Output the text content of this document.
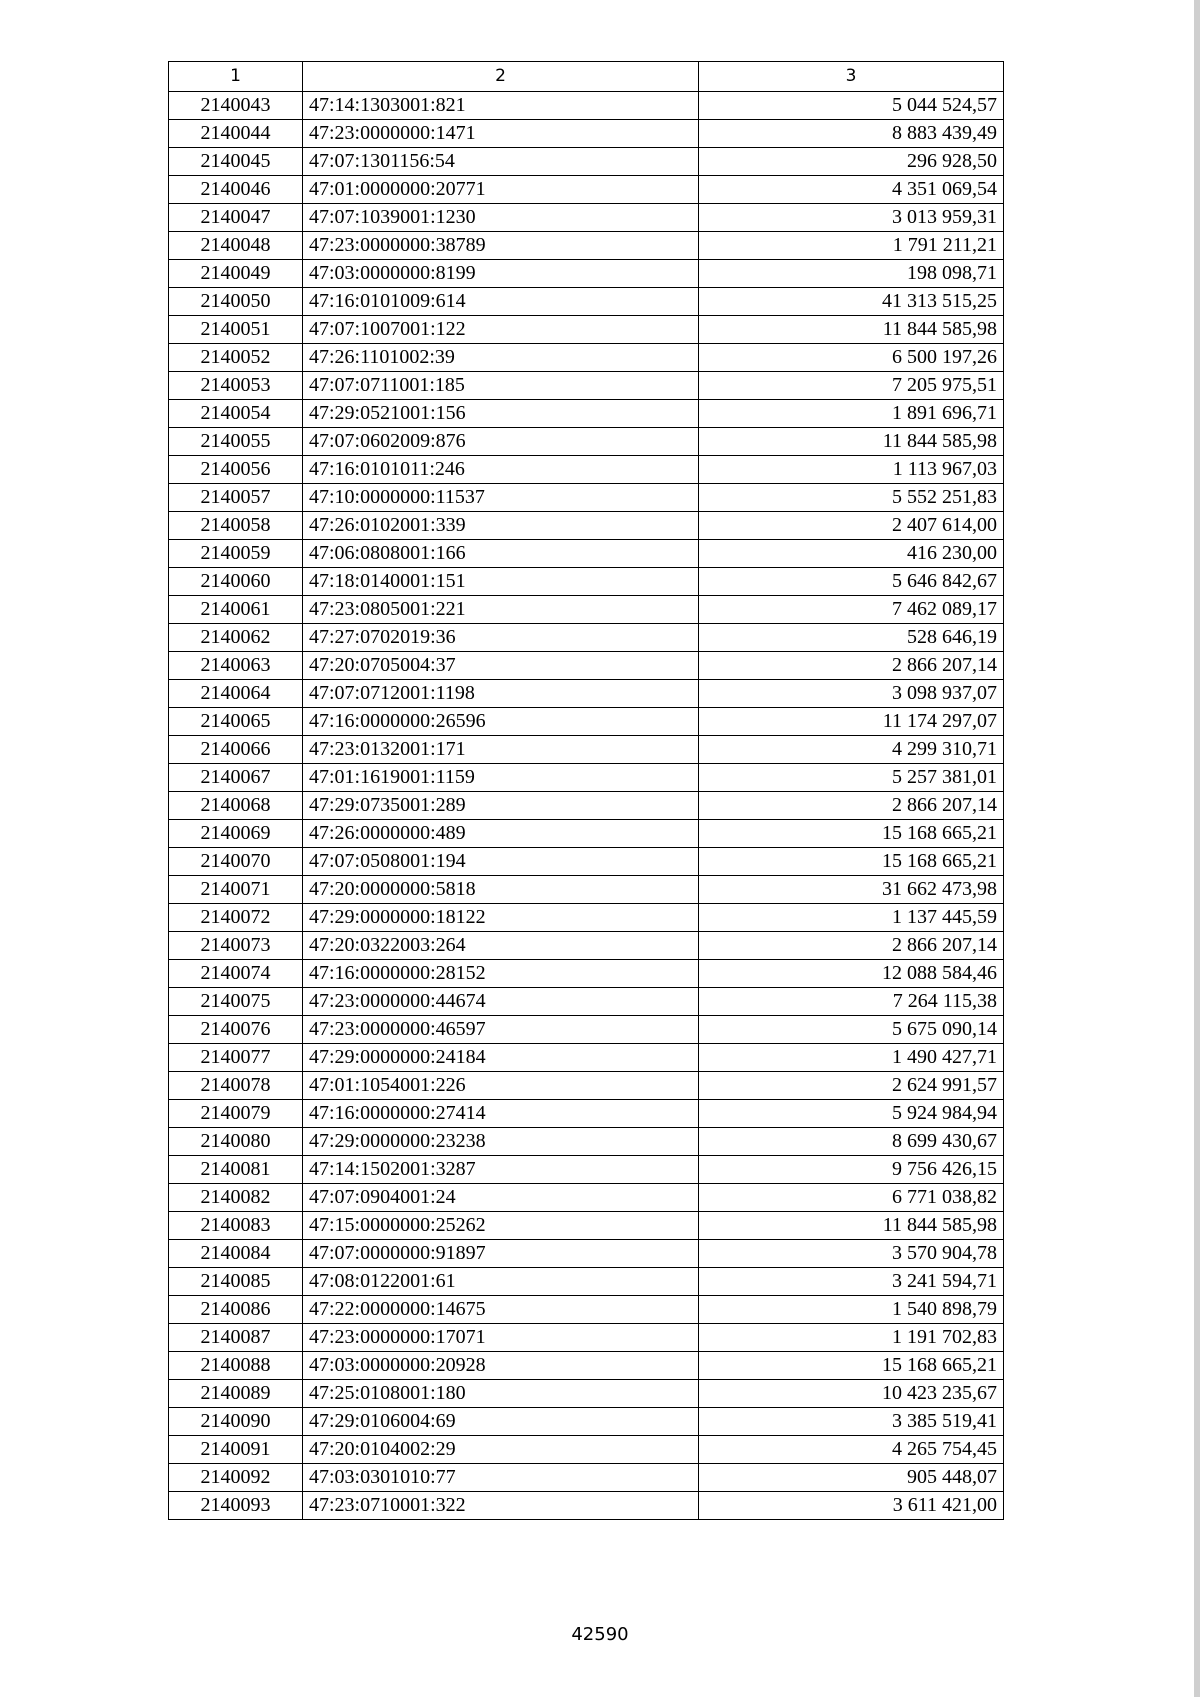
1	2	3
2140043	47:14:1303001:821	5 044 524,57
2140044	47:23:0000000:1471	8 883 439,49
2140045	47:07:1301156:54	296 928,50
2140046	47:01:0000000:20771	4 351 069,54
2140047	47:07:1039001:1230	3 013 959,31
2140048	47:23:0000000:38789	1 791 211,21
2140049	47:03:0000000:8199	198 098,71
2140050	47:16:0101009:614	41 313 515,25
2140051	47:07:1007001:122	11 844 585,98
2140052	47:26:1101002:39	6 500 197,26
2140053	47:07:0711001:185	7 205 975,51
2140054	47:29:0521001:156	1 891 696,71
2140055	47:07:0602009:876	11 844 585,98
2140056	47:16:0101011:246	1 113 967,03
2140057	47:10:0000000:11537	5 552 251,83
2140058	47:26:0102001:339	2 407 614,00
2140059	47:06:0808001:166	416 230,00
2140060	47:18:0140001:151	5 646 842,67
2140061	47:23:0805001:221	7 462 089,17
2140062	47:27:0702019:36	528 646,19
2140063	47:20:0705004:37	2 866 207,14
2140064	47:07:0712001:1198	3 098 937,07
2140065	47:16:0000000:26596	11 174 297,07
2140066	47:23:0132001:171	4 299 310,71
2140067	47:01:1619001:1159	5 257 381,01
2140068	47:29:0735001:289	2 866 207,14
2140069	47:26:0000000:489	15 168 665,21
2140070	47:07:0508001:194	15 168 665,21
2140071	47:20:0000000:5818	31 662 473,98
2140072	47:29:0000000:18122	1 137 445,59
2140073	47:20:0322003:264	2 866 207,14
2140074	47:16:0000000:28152	12 088 584,46
2140075	47:23:0000000:44674	7 264 115,38
2140076	47:23:0000000:46597	5 675 090,14
2140077	47:29:0000000:24184	1 490 427,71
2140078	47:01:1054001:226	2 624 991,57
2140079	47:16:0000000:27414	5 924 984,94
2140080	47:29:0000000:23238	8 699 430,67
2140081	47:14:1502001:3287	9 756 426,15
2140082	47:07:0904001:24	6 771 038,82
2140083	47:15:0000000:25262	11 844 585,98
2140084	47:07:0000000:91897	3 570 904,78
2140085	47:08:0122001:61	3 241 594,71
2140086	47:22:0000000:14675	1 540 898,79
2140087	47:23:0000000:17071	1 191 702,83
2140088	47:03:0000000:20928	15 168 665,21
2140089	47:25:0108001:180	10 423 235,67
2140090	47:29:0106004:69	3 385 519,41
2140091	47:20:0104002:29	4 265 754,45
2140092	47:03:0301010:77	905 448,07
2140093	47:23:0710001:322	3 611 421,00
42590
